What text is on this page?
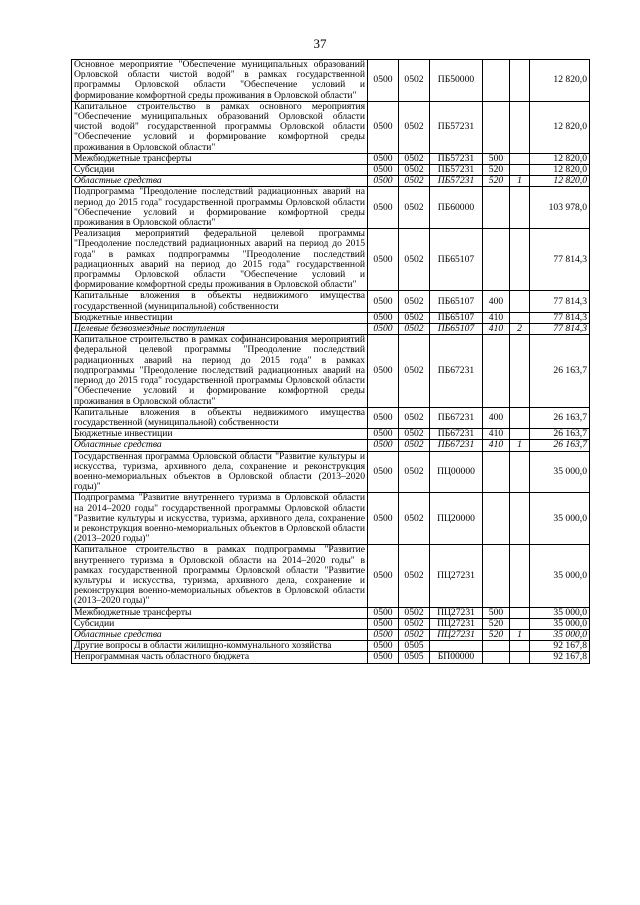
37
Основное мероприятие "Обеспечение муниципальных образований Орловской области чистой водой" в рамках государственной программы Орловской области "Обеспечение условий и формирование комфортной среды проживания в Орловской области"	0500	0502	ПБ50000			12 820,0
Капитальное строительство в рамках основного мероприятия "Обеспечение муниципальных образований Орловской области чистой водой" государственной программы Орловской области "Обеспечение условий и формирование комфортной среды проживания в Орловской области"	0500	0502	ПБ57231			12 820,0
Межбюджетные трансферты	0500	0502	ПБ57231	500		12 820,0
Субсидии	0500	0502	ПБ57231	520		12 820,0
Областные средства	0500	0502	ПБ57231	520	1	12 820,0
Подпрограмма "Преодоление последствий радиационных аварий на период до 2015 года" государственной программы Орловской области "Обеспечение условий и формирование комфортной среды проживания в Орловской области"	0500	0502	ПБ60000			103 978,0
Реализация мероприятий федеральной целевой программы "Преодоление последствий радиационных аварий на период до 2015 года" в рамках подпрограммы "Преодоление последствий радиационных аварий на период до 2015 года" государственной программы Орловской области "Обеспечение условий и формирование комфортной среды проживания в Орловской области"	0500	0502	ПБ65107			77 814,3
Капитальные вложения в объекты недвижимого имущества государственной (муниципальной) собственности	0500	0502	ПБ65107	400		77 814,3
Бюджетные инвестиции	0500	0502	ПБ65107	410		77 814,3
Целевые безвозмездные поступления	0500	0502	ПБ65107	410	2	77 814,3
Капитальное строительство в рамках софинансирования мероприятий федеральной целевой программы "Преодоление последствий радиационных аварий на период до 2015 года" в рамках подпрограммы "Преодоление последствий радиационных аварий на период до 2015 года" государственной программы Орловской области "Обеспечение условий и формирование комфортной среды проживания в Орловской области"	0500	0502	ПБ67231			26 163,7
Капитальные вложения в объекты недвижимого имущества государственной (муниципальной) собственности	0500	0502	ПБ67231	400		26 163,7
Бюджетные инвестиции	0500	0502	ПБ67231	410		26 163,7
Областные средства	0500	0502	ПБ67231	410	1	26 163,7
Государственная программа Орловской области "Развитие культуры и искусства, туризма, архивного дела, сохранение и реконструкция военно-мемориальных объектов в Орловской области (2013–2020 годы)"	0500	0502	ПЦ00000			35 000,0
Подпрограмма "Развитие внутреннего туризма в Орловской области на 2014–2020 годы" государственной программы Орловской области "Развитие культуры и искусства, туризма, архивного дела, сохранение и реконструкция военно-мемориальных объектов в Орловской области (2013–2020 годы)"	0500	0502	ПЦ20000			35 000,0
Капитальное строительство в рамках подпрограммы "Развитие внутреннего туризма в Орловской области на 2014–2020 годы" в рамках государственной программы Орловской области "Развитие культуры и искусства, туризма, архивного дела, сохранение и реконструкция военно-мемориальных объектов в Орловской области (2013–2020 годы)"	0500	0502	ПЦ27231			35 000,0
Межбюджетные трансферты	0500	0502	ПЦ27231	500		35 000,0
Субсидии	0500	0502	ПЦ27231	520		35 000,0
Областные средства	0500	0502	ПЦ27231	520	1	35 000,0
Другие вопросы в области жилищно-коммунального хозяйства	0500	0505				92 167,8
Непрограммная часть областного бюджета	0500	0505	БП00000			92 167,8
